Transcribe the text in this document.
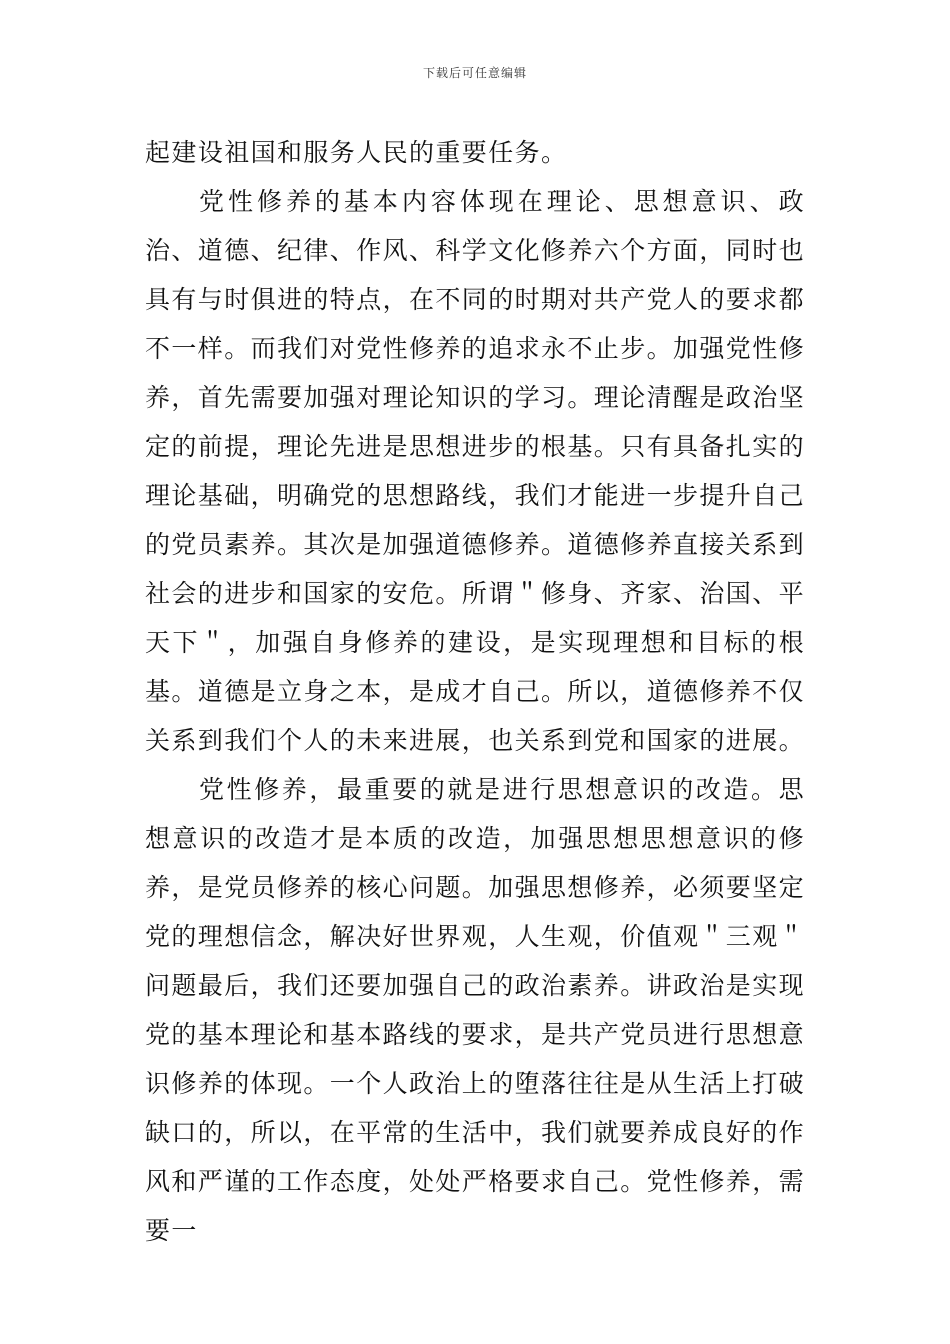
下载后可任意编辑

起建设祖国和服务人民的重要任务。

党性修养的基本内容体现在理论、思想意识、政治、道德、纪律、作风、科学文化修养六个方面，同时也具有与时俱进的特点，在不同的时期对共产党人的要求都不一样。而我们对党性修养的追求永不止步。加强党性修养，首先需要加强对理论知识的学习。理论清醒是政治坚定的前提，理论先进是思想进步的根基。只有具备扎实的理论基础，明确党的思想路线，我们才能进一步提升自己的党员素养。其次是加强道德修养。道德修养直接关系到社会的进步和国家的安危。所谓＂修身、齐家、治国、平天下＂，加强自身修养的建设，是实现理想和目标的根基。道德是立身之本，是成才自己。所以，道德修养不仅关系到我们个人的未来进展，也关系到党和国家的进展。

党性修养，最重要的就是进行思想意识的改造。思想意识的改造才是本质的改造，加强思想思想意识的修养，是党员修养的核心问题。加强思想修养，必须要坚定党的理想信念，解决好世界观，人生观，价值观＂三观＂问题最后，我们还要加强自己的政治素养。讲政治是实现党的基本理论和基本路线的要求，是共产党员进行思想意识修养的体现。一个人政治上的堕落往往是从生活上打破缺口的，所以，在平常的生活中，我们就要养成良好的作风和严谨的工作态度，处处严格要求自己。党性修养，需要一
